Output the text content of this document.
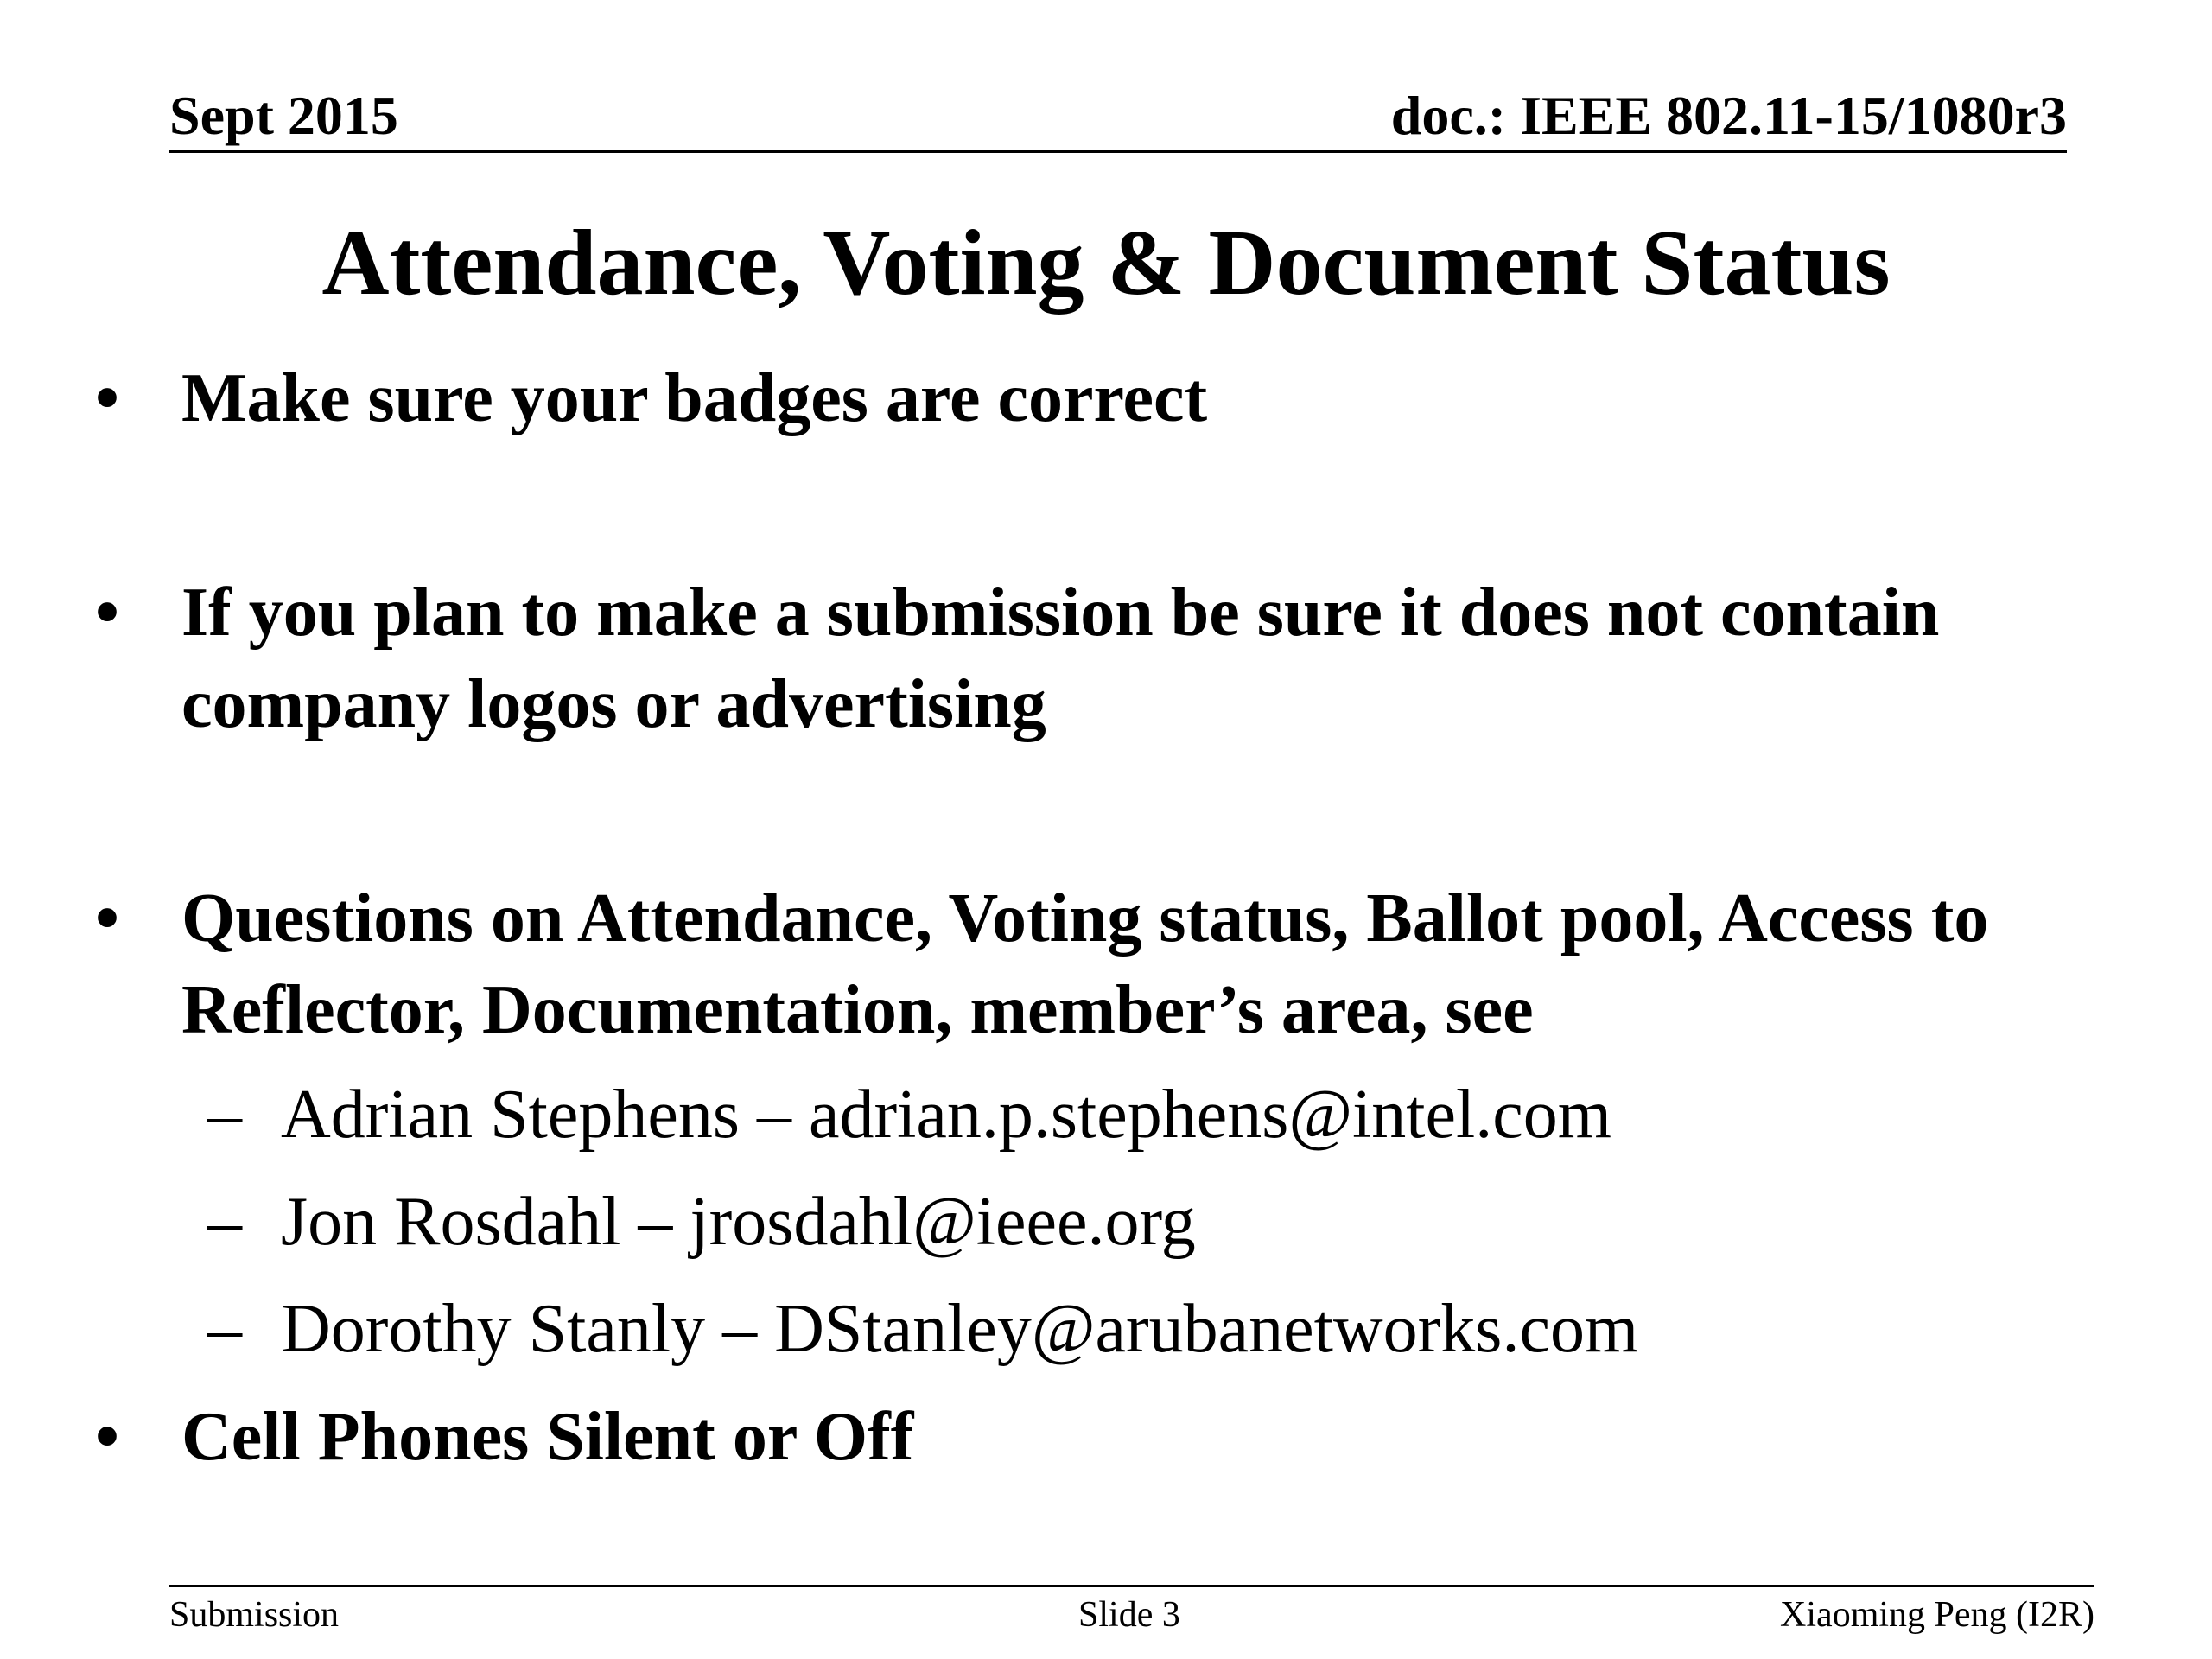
Sept 2015	doc.: IEEE 802.11-15/1080r3
Attendance, Voting & Document Status
• Make sure your badges are correct
• If you plan to make a submission be sure it does not contain company logos or advertising
• Questions on Attendance, Voting status, Ballot pool, Access to Reflector, Documentation, member’s area, see
– Adrian Stephens – adrian.p.stephens@intel.com
– Jon Rosdahl – jrosdahl@ieee.org
– Dorothy Stanly – DStanley@arubanetworks.com
• Cell Phones Silent or Off
Submission	Slide 3	Xiaoming Peng (I2R)
